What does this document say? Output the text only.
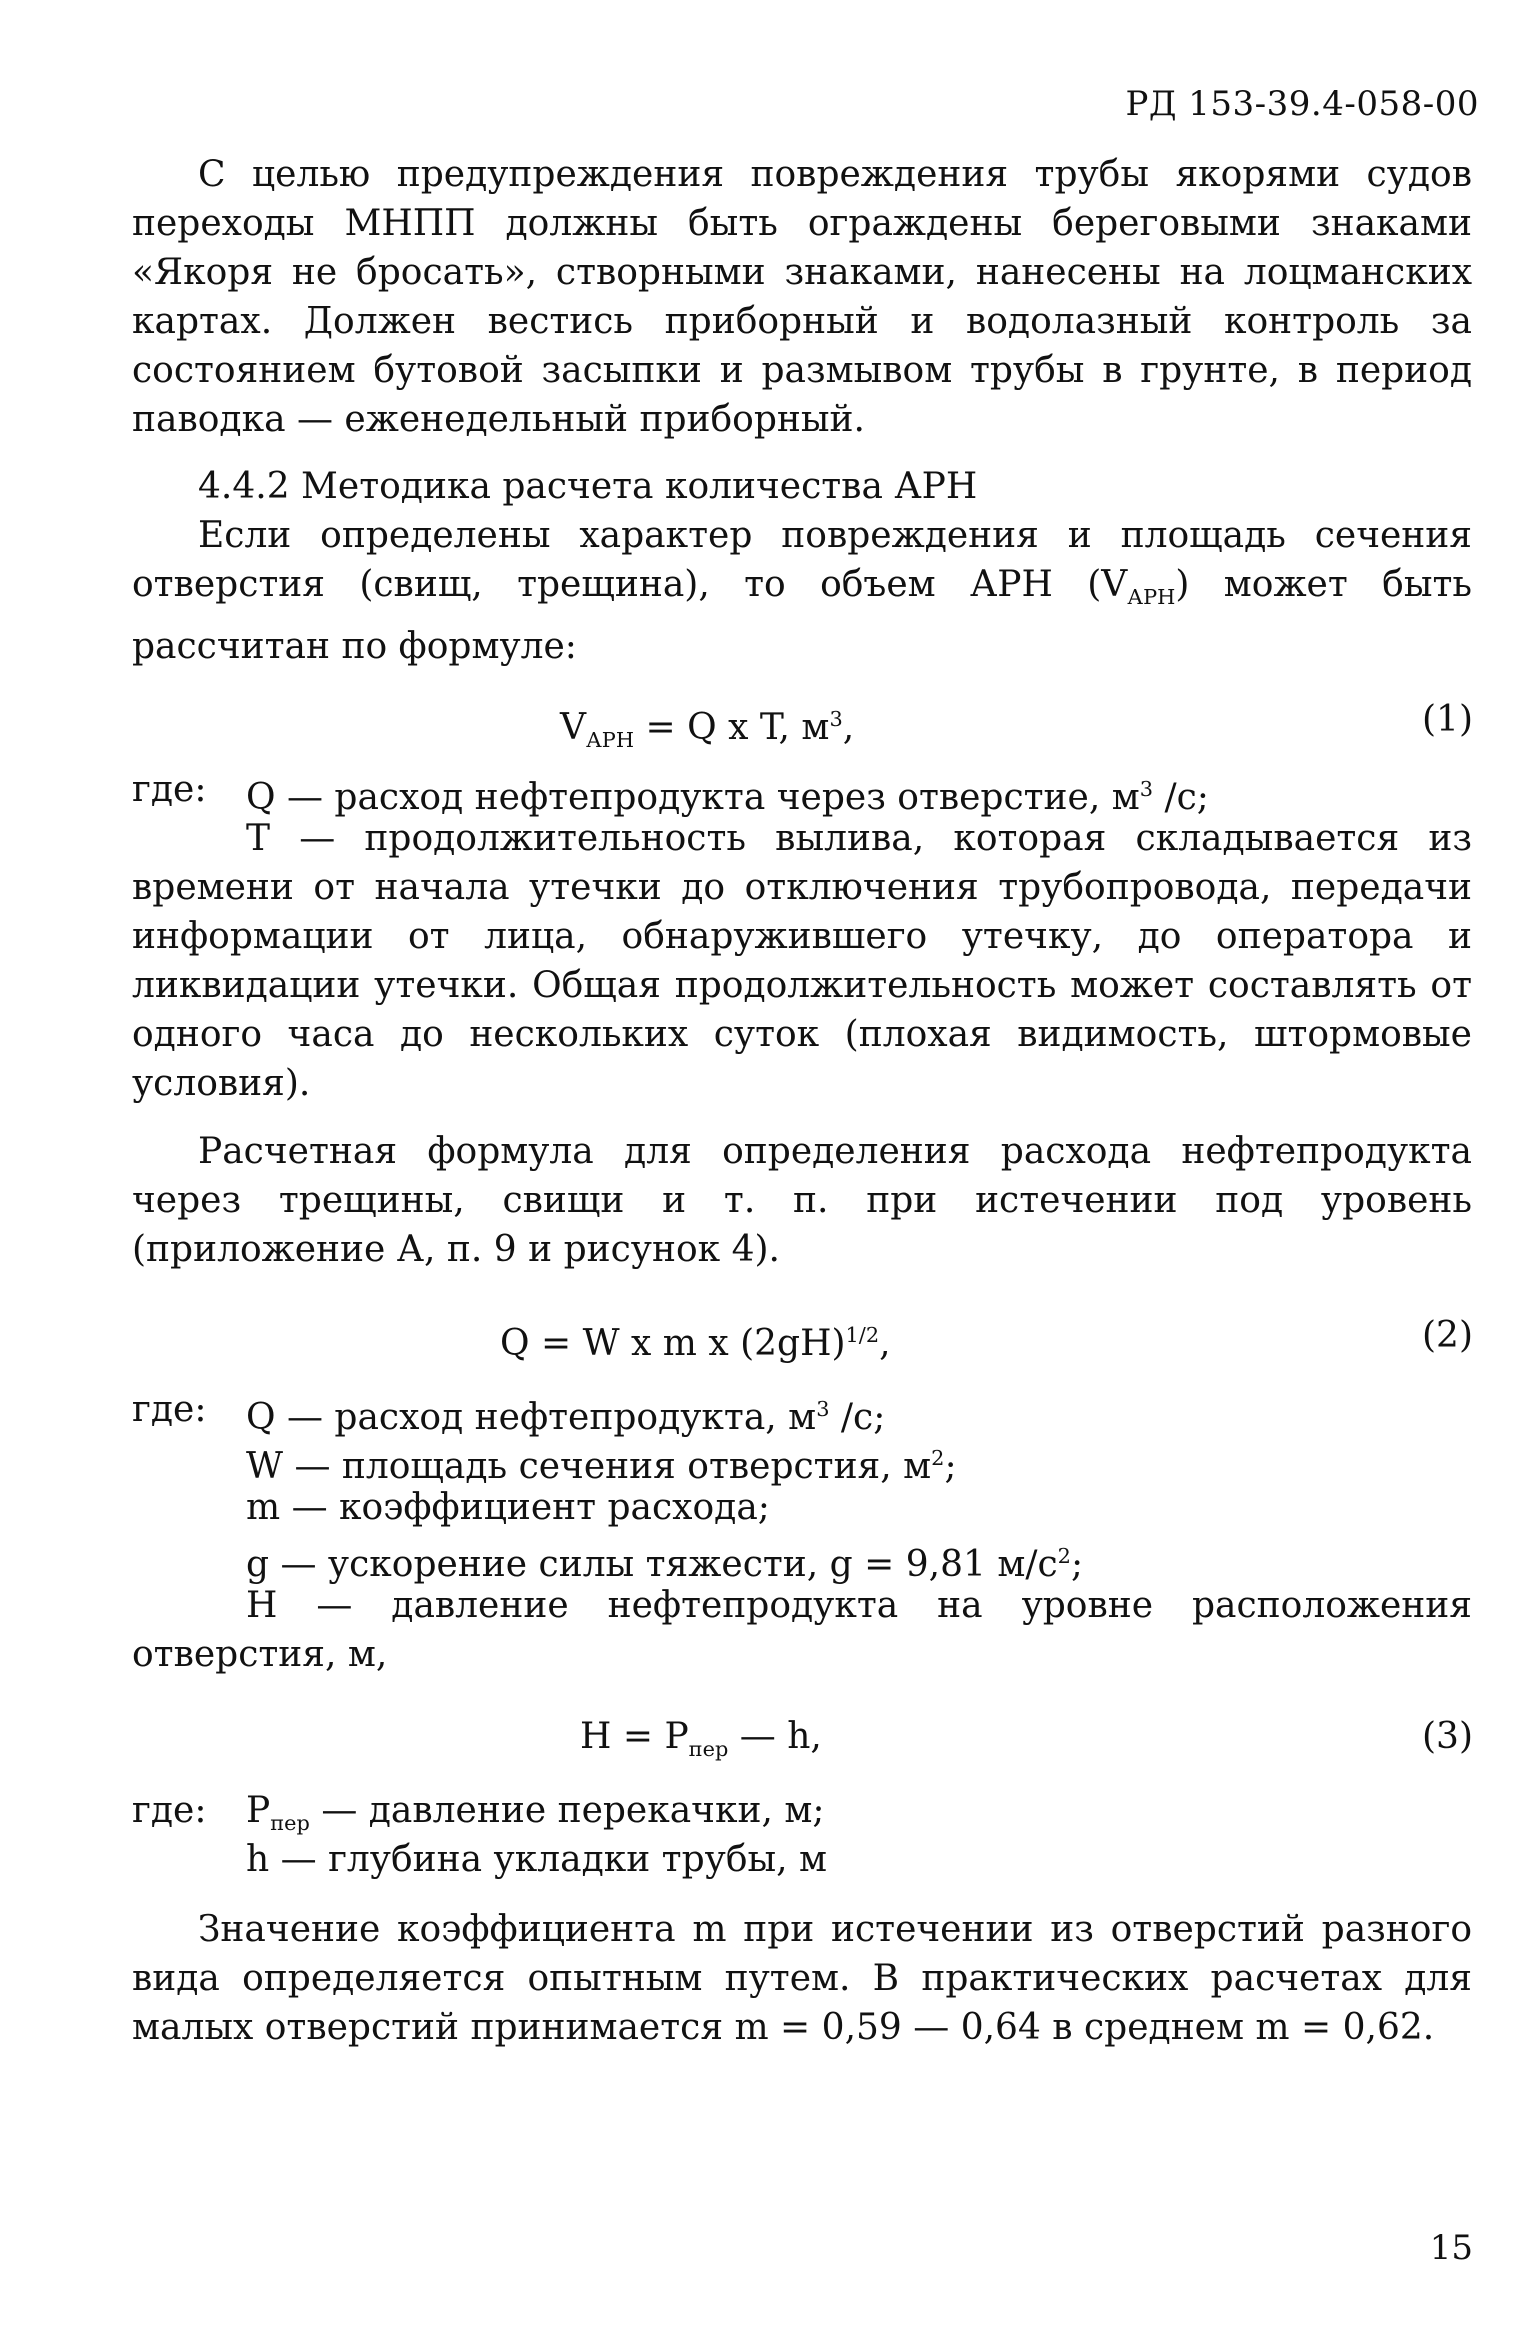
РД 153-39.4-058-00

С целью предупреждения повреждения трубы якорями судов переходы МНПП должны быть ограждены береговыми знаками «Якоря не бросать», створными знаками, нанесены на лоцманских картах. Должен вестись приборный и водолазный контроль за состоянием бутовой засыпки и размывом трубы в грунте, в период паводка — еженедельный приборный.

4.4.2 Методика расчета количества АРН

Если определены характер повреждения и площадь сечения отверстия (свищ, трещина), то объем АРН $(V_{АРН})$ может быть рассчитан по формуле:

$V_{АРН} = Q$ x T, $м^3$,	(1)
где: Q — расход нефтепродукта через отверстие, $м^3$ /с;

T — продолжительность вылива, которая складывается из времени от начала утечки до отключения трубопровода, передачи информации от лица, обнаружившего утечку, до оператора и ликвидации утечки. Общая продолжительность может составлять от одного часа до нескольких суток (плохая видимость, штормовые условия).

Расчетная формула для определения расхода нефтепродукта через трещины, свищи и т. п. при истечении под уровень (приложение А, п. 9 и рисунок 4).

Q = W x m x $(2gH)^{1/2}$,	(2)
где: Q — расход нефтепродукта, $м^3$ /с;
W — площадь сечения отверстия, $м^2$;
m — коэффициент расхода;
g — ускорение силы тяжести, g = 9,81 $м/с^2$;

H — давление нефтепродукта на уровне расположения отверстия, м,

$H = P_{пер}$ — h,	(3)
где: $P_{пер}$ — давление перекачки, м;
h — глубина укладки трубы, м

Значение коэффициента m при истечении из отверстий разного вида определяется опытным путем. В практических расчетах для малых отверстий принимается m = 0,59 — 0,64 в среднем m = 0,62.

15
